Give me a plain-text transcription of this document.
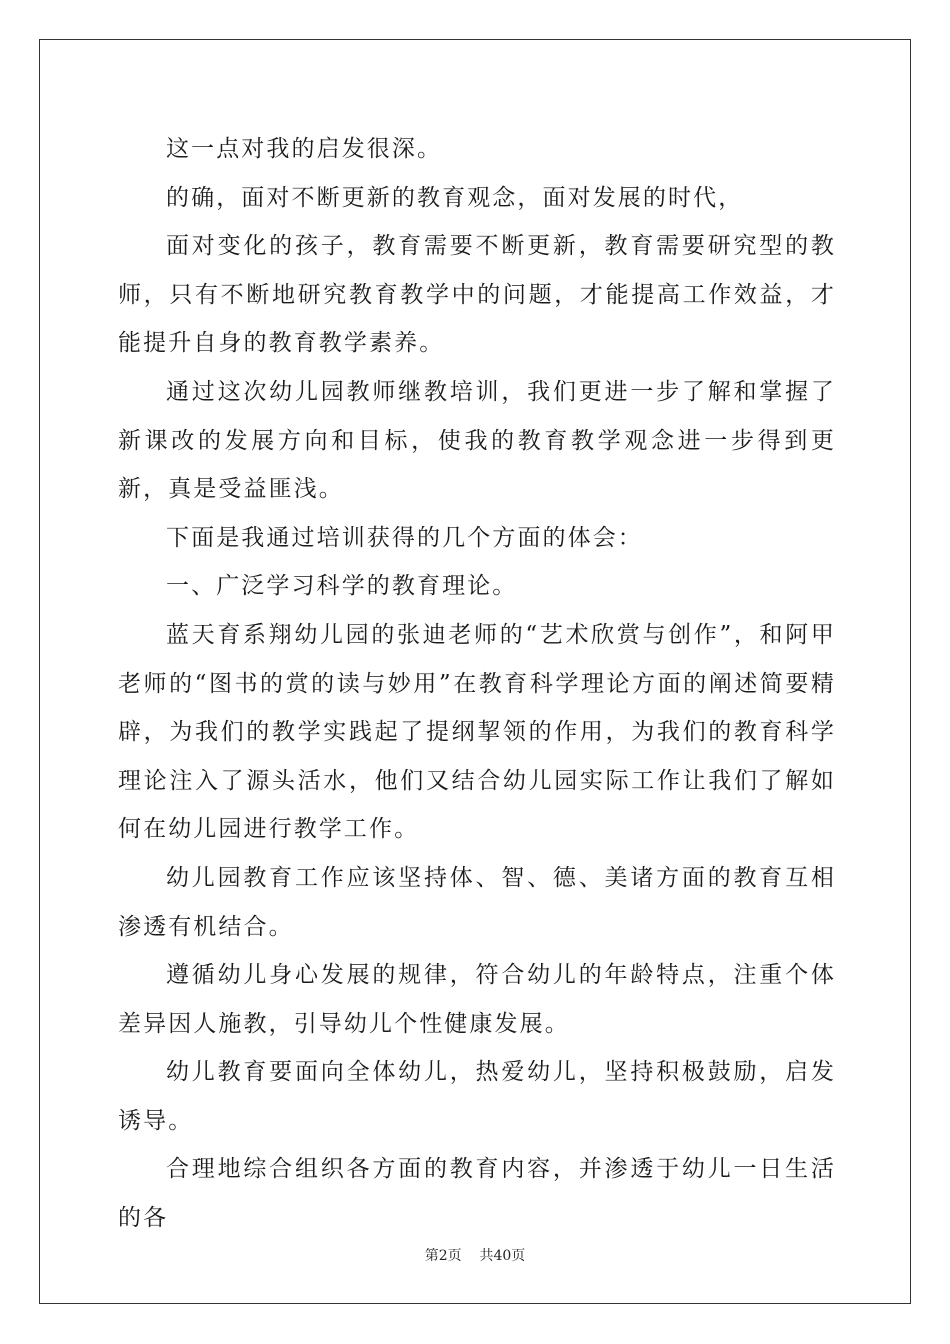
这一点对我的启发很深。

的确，面对不断更新的教育观念，面对发展的时代，

面对变化的孩子，教育需要不断更新，教育需要研究型的教师，只有不断地研究教育教学中的问题，才能提高工作效益，才能提升自身的教育教学素养。

通过这次幼儿园教师继教培训，我们更进一步了解和掌握了新课改的发展方向和目标，使我的教育教学观念进一步得到更新，真是受益匪浅。

下面是我通过培训获得的几个方面的体会：

一、广泛学习科学的教育理论。

蓝天育系翔幼儿园的张迪老师的“艺术欣赏与创作”，和阿甲老师的“图书的赏的读与妙用”在教育科学理论方面的阐述简要精辟，为我们的教学实践起了提纲挈领的作用，为我们的教育科学理论注入了源头活水，他们又结合幼儿园实际工作让我们了解如何在幼儿园进行教学工作。

幼儿园教育工作应该坚持体、智、德、美诸方面的教育互相渗透有机结合。

遵循幼儿身心发展的规律，符合幼儿的年龄特点，注重个体差异因人施教，引导幼儿个性健康发展。

幼儿教育要面向全体幼儿，热爱幼儿，坚持积极鼓励，启发诱导。

合理地综合组织各方面的教育内容，并渗透于幼儿一日生活的各

第2页 共40页
